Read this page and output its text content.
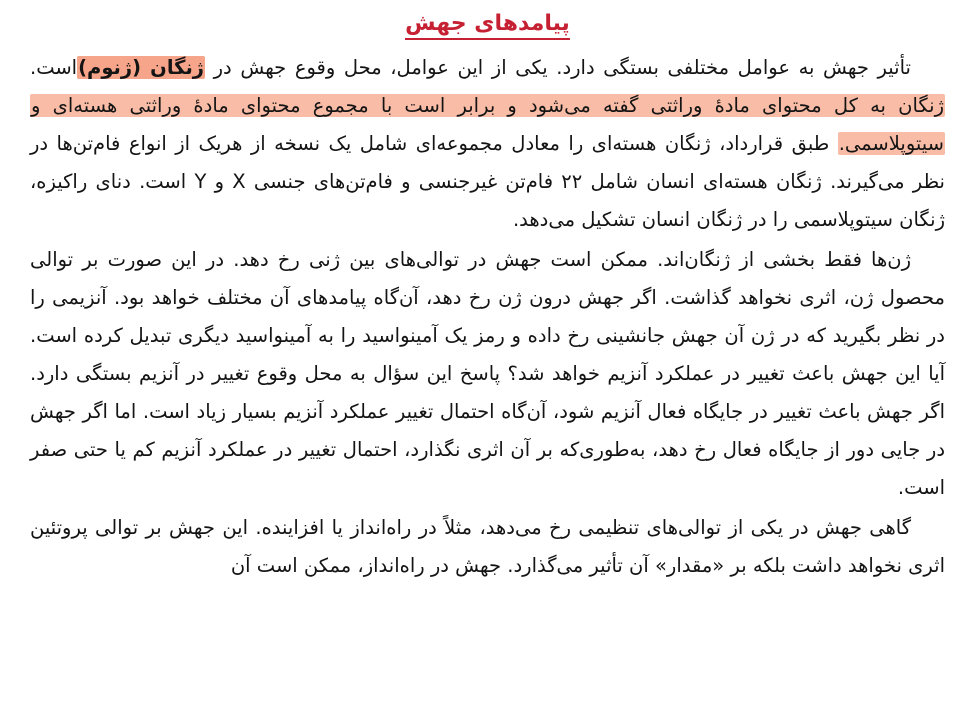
پیامدهای جهش

تأثیر جهش به عوامل مختلفی بستگی دارد. یکی از این عوامل، محل وقوع جهش در ژنگان (ژنوم)است. ژنگان به کل محتوای مادهٔ وراثتی گفته می‌شود و برابر است با مجموع محتوای مادهٔ وراثتی هسته‌ای و سیتوپلاسمی. طبق قرارداد، ژنگان هسته‌ای را معادل مجموعه‌ای شامل یک نسخه از هر‌یک از انواع فام‌تن‌ها در نظر می‌گیرند. ژنگان هسته‌ای انسان شامل ۲۲ فام‌تن غیرجنسی و فام‌تن‌های جنسی X و Y است. دنای راکیزه، ژنگان سیتوپلاسمی را در ژنگان انسان تشکیل می‌دهد.

ژن‌ها فقط بخشی از ژنگان‌اند. ممکن است جهش در توالی‌های بین ژنی رخ دهد. در این صورت بر توالی محصول ژن، اثری نخواهد گذاشت. اگر جهش درون ژن رخ دهد، آن‌گاه پیامدهای آن مختلف خواهد بود. آنزیمی را در نظر بگیرید که در ژن آن جهش جانشینی رخ داده و رمز یک آمینواسید را به آمینواسید دیگری تبدیل کرده است. آیا این جهش باعث تغییر در عملکرد آنزیم خواهد شد؟ پاسخ این سؤال به محل وقوع تغییر در آنزیم بستگی دارد. اگر جهش باعث تغییر در جایگاه فعال آنزیم شود، آن‌گاه احتمال تغییر عملکرد آنزیم بسیار زیاد است. اما اگر جهش در جایی دور از جایگاه فعال رخ دهد، به‌طوری‌که بر آن اثری نگذارد، احتمال تغییر در عملکرد آنزیم کم یا حتی صفر است.

گاهی جهش در یکی از توالی‌های تنظیمی رخ می‌دهد، مثلاً در راه‌انداز یا افزاینده. این جهش بر توالی پروتئین اثری نخواهد داشت بلکه بر «مقدار» آن تأثیر می‌گذارد. جهش در راه‌انداز، ممکن است آن
